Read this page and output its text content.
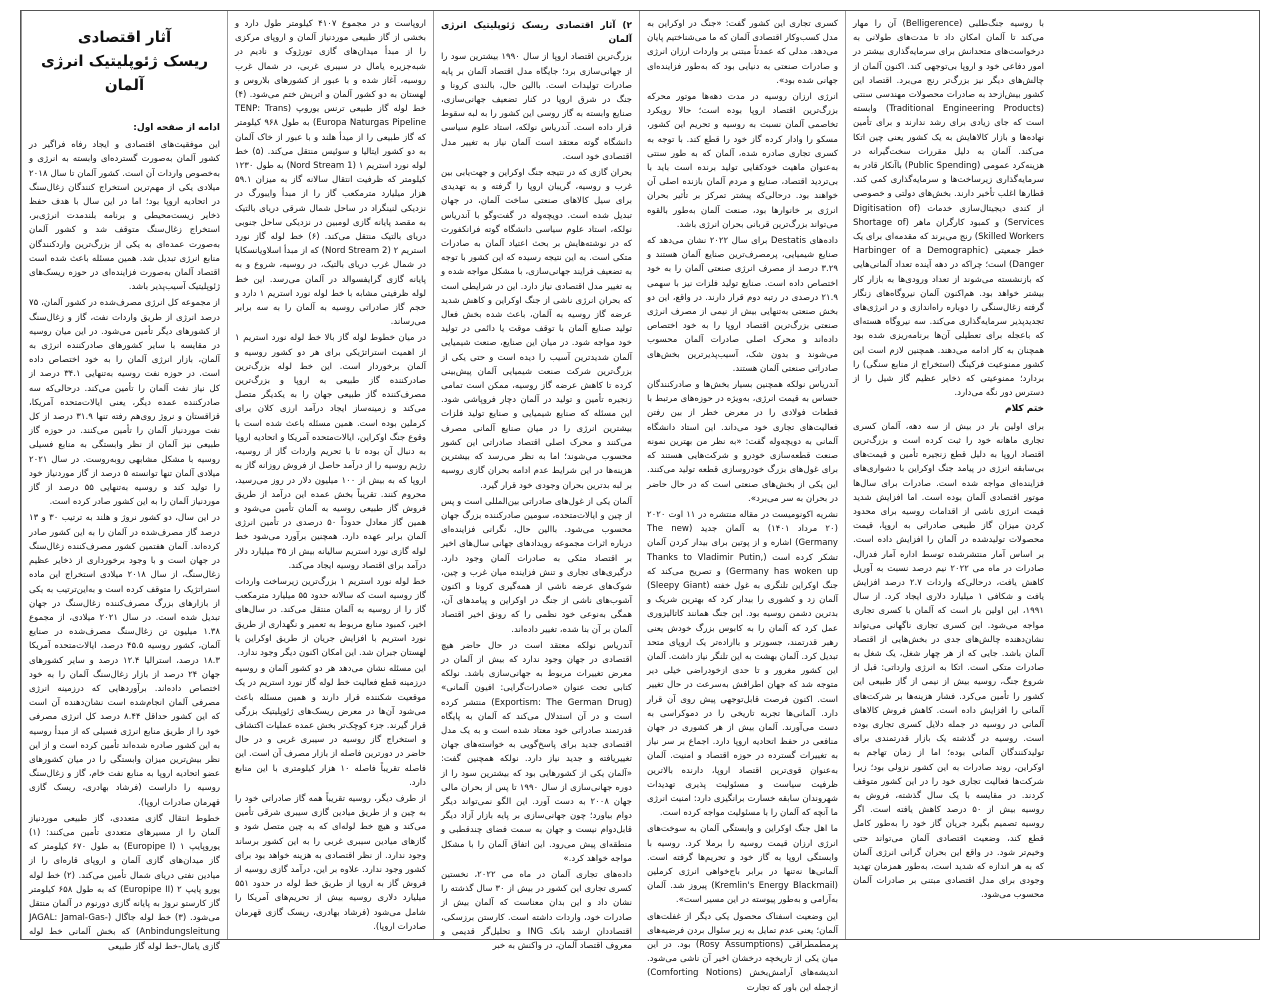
آثار اقتصادی
ریسک ژئوپلیتیک انرژی آلمان
ادامه از صفحه اول:

این موفقیت‌های اقتصادی و ایجاد رفاه فراگیر در کشور آلمان به‌صورت گسترده‌ای وابسته به انرژی و به‌خصوص واردات آن است. کشور آلمان تا سال ۲۰۱۸ میلادی یکی از مهم‌ترین استخراج کنندگان زغال‌سنگ در اتحادیه اروپا بود؛ اما در این سال با هدف حفظ ذخایر زیست‌محیطی و برنامه بلندمدت انرژی‌بر، استخراج زغال‌سنگ متوقف شد و کشور آلمان به‌صورت عمده‌ای به یکی از بزرگ‌ترین واردکنندگان منابع انرژی تبدیل شد. همین مسئله باعث شده است اقتصاد آلمان به‌صورت فزاینده‌ای در حوزه ریسک‌های ژئوپلیتیک آسیب‌پذیر باشد.

از مجموعه کل انرژی مصرف‌شده در کشور آلمان، ۷۵ درصد انرژی از طریق واردات نفت، گاز و زغال‌سنگ از کشورهای دیگر تأمین می‌شود. در این میان روسیه در مقایسه با سایر کشورهای صادرکننده انرژی به آلمان، بازار انرژی آلمان را به خود اختصاص داده است. در حوزه نفت روسیه به‌تنهایی ۳۴.۱ درصد از کل نیاز نفت آلمان را تأمین می‌کند. درحالی‌که سه صادرکننده عمده دیگر، یعنی ایالات‌متحده آمریکا، قزاقستان و نروژ روی‌هم رفته تنها ۳۱.۹ درصد از کل نفت موردنیاز آلمان را تأمین می‌کنند. در حوزه گاز طبیعی نیز آلمان از نظر وابستگی به منابع فسیلی روسیه با مشکل مشابهی روبه‌روست. در سال ۲۰۲۱ میلادی آلمان تنها توانسته ۵ درصد از گاز موردنیاز خود را تولید کند و روسیه به‌تنهایی ۵۵ درصد از گاز موردنیاز آلمان را به این کشور صادر کرده است.

در این سال، دو کشور نروژ و هلند به ترتیب ۳۰ و ۱۳ درصد گاز مصرف‌شده در آلمان را به این کشور صادر کرده‌اند. آلمان هفتمین کشور مصرف‌کننده زغال‌سنگ در جهان است و با وجود برخورداری از ذخایر عظیم زغال‌سنگ، از سال ۲۰۱۸ میلادی استخراج این ماده استراتژیک را متوقف کرده است و به‌این‌ترتیب به یکی از بازارهای بزرگ مصرف‌کننده زغال‌سنگ در جهان تبدیل شده است. در سال ۲۰۲۱ میلادی، از مجموع ۱.۳۸ میلیون تن زغال‌سنگ مصرف‌شده در صنایع آلمان، کشور روسیه ۴۵.۵ درصد، ایالات‌متحده آمریکا ۱۸.۳ درصد، استرالیا ۱۲.۴ درصد و سایر کشورهای جهان ۲۴ درصد از بازار زغال‌سنگ آلمان را به خود اختصاص داده‌اند. برآوردهایی که درزمینه انرژی مصرفی آلمان انجام‌شده است نشان‌دهنده آن است که این کشور حداقل ۸.۴۴ درصد کل انرژی مصرفی خود را از طریق منابع انرژی فسیلی که از مبدأ روسیه به این کشور صادره شده‌اند تأمین کرده است و از این نظر بیش‌ترین میزان وابستگی را در میان کشورهای عضو اتحادیه اروپا به منابع نفت خام، گاز و زغال‌سنگ روسیه را داراست (فرشاد بهادری، ریسک گازی قهرمان صادرات اروپا).

خطوط انتقال گازی متعددی، گاز طبیعی موردنیاز آلمان را از مسیرهای متعددی تأمین می‌کنند: (۱) یوروپایپ ۱ (Europipe I) به طول ۶۷۰ کیلومتر که گاز میدان‌های گازی آلمان و اروپای قاره‌ای را از میادین نفتی دریای شمال تأمین می‌کند. (۲) خط لوله یورو پایپ ۲ (Europipe II) که به طول ۶۵۸ کیلومتر گاز کارستو نروژ به پایانه گازی دورنوم در آلمان منتقل می‌شود. (۳) خط لوله جاگال (JAGAL: Jamal-Gas-Anbindungsleitung) که بخش آلمانی خط لوله گازی یامال-خط لوله گاز طبیعی

اروپاست و در مجموع ۴۱۰۷ کیلومتر طول دارد و بخشی از گاز طبیعی موردنیاز آلمان و اروپای مرکزی را از مبدأ میدان‌های گازی تورژوک و نادیم در شبه‌جزیره یامال در سیبری غربی، در شمال غرب روسیه، آغاز شده و با عبور از کشورهای بلاروس و لهستان به دو کشور آلمان و اتریش ختم می‌شود. (۴) خط لوله گاز طبیعی ترنس یوروپ (TENP: Trans Europa Naturgas Pipeline) به طول ۹۶۸ کیلومتر که گاز طبیعی را از میدأ هلند و با عبور از خاک آلمان به دو کشور ایتالیا و سوئیس منتقل می‌کند. (۵) خط لوله نورد استریم ۱ (Nord Stream 1) به طول ۱۲۳۰ کیلومتر که ظرفیت انتقال سالانه گاز به میزان ۵۹.۱ هزار میلیارد مترمکعب گاز را از مبدأ وایبورگ در نزدیکی لنینگراد در ساحل شمال شرقی دریای بالتیک به مقصد پایانه گازی لومبین در نزدیکی ساحل جنوبی دریای بالتیک منتقل می‌کند. (۶) خط لوله گاز نورد استریم ۲ (Nord Stream 2) که از مبدأ اسلاویانسکایا در شمال غرب دریای بالتیک، در روسیه، شروع و به پایانه گازی گرایفسوالد در آلمان می‌رسد. این خط لوله ظرفیتی مشابه با خط لوله نورد استریم ۱ دارد و حجم گاز صادراتی روسیه به آلمان را به سه برابر می‌رساند.

در میان خطوط لوله گاز بالا خط لوله نورد استریم ۱ از اهمیت استراتژیکی برای هر دو کشور روسیه و آلمان برخوردار است. این خط لوله بزرگ‌ترین صادرکننده گاز طبیعی به اروپا و بزرگ‌ترین مصرف‌کننده گاز طبیعی جهان را به یکدیگر متصل می‌کند و زمینه‌ساز ایجاد درآمد ارزی کلان برای کرملین بوده است. همین مسئله باعث شده است با وقوع جنگ اوکراین، ایالات‌متحده آمریکا و اتحادیه اروپا به دنبال آن بوده تا با تحریم واردات گاز از روسیه، رژیم روسیه را از درآمد حاصل از فروش روزانه گاز به اروپا که به بیش از ۱۰۰ میلیون دلار در روز می‌رسید، محروم کنند. تقریباً بخش عمده این درآمد از طریق فروش گاز طبیعی روسیه به آلمان تأمین می‌شود و همین گاز معادل حدوداً ۵۰ درصدی در تأمین انرژی آلمان برابر عهده دارد. همچنین برآورد می‌شود خط لوله گازی نورد استریم سالیانه بیش از ۳۵ میلیارد دلار درآمد برای اقتصاد روسیه ایجاد می‌کند.

خط لوله نورد استریم ۱ بزرگ‌ترین زیرساخت واردات گاز روسیه است که سالانه حدود ۵۵ میلیارد مترمکعب گاز را از روسیه به آلمان منتقل می‌کند. در سال‌های اخیر، کمبود منابع مربوط به تعمیر و نگهداری از طریق نورد استریم با افزایش جریان از طریق اوکراین یا لهستان جبران شد. این امکان اکنون دیگر وجود ندارد.

این مسئله نشان می‌دهد هر دو کشور آلمان و روسیه درزمینه قطع فعالیت خط لوله گاز نورد استریم در یک موقعیت شکننده قرار دارند و همین مسئله باعث می‌شود آن‌ها در معرض ریسک‌های ژئوپلیتیک بزرگی قرار گیرند. جزء کوچک‌تر بخش عمده عملیات اکتشاف و استخراج گاز روسیه در سیبری غربی و در حال حاضر در دورترین فاصله از بازار مصرف آن است. این فاصله تقریباً فاصله ۱۰ هزار کیلومتری با این منابع دارد.

از طرف دیگر، روسیه تقریباً همه گاز صادراتی خود را به چین و از طریق میادین گازی سیبری شرقی تأمین می‌کند و هیچ خط لوله‌ای که به چین متصل شود و گازهای میادین سیبری غربی را به این کشور برساند وجود ندارد. از نظر اقتصادی به هزینه خواهد بود برای کشور وجود ندارد. علاوه بر این، درآمد گازی روسیه از فروش گاز به اروپا از طریق خط لوله در حدود ۵۵۱ میلیارد دلاری روسیه بیش از تحریم‌های آمریکا را شامل می‌شود (فرشاد بهادری، ریسک گازی قهرمان صادرات اروپا).

۲) آثار اقتصادی ریسک ژئوپلیتیک انرژی آلمان

بزرگ‌ترین اقتصاد اروپا از سال ۱۹۹۰ بیشترین سود را از جهانی‌سازی برد؛ جایگاه مدل اقتصاد آلمان بر پایه صادرات تولیدات است. باالین حال، بالندی کرونا و جنگ در شرق اروپا در کنار تضعیف جهانی‌سازی، صنایع وابسته به گاز روسی این کشور را به لبه سقوط قرار داده است. آندریاس نولکه، استاد علوم سیاسی دانشگاه گوته معتقد است آلمان نیاز به تغییر مدل اقتصادی خود است.

بحران گازی که در نتیجه جنگ اوکراین و جهت‌یابی بین غرب و روسیه، گریبان اروپا را گرفته و به تهدیدی برای سیل کالاهای صنعتی ساخت آلمان، در جهان تبدیل شده است. دویچه‌وله در گفت‌وگو با آندریاس نولکه، استاد علوم سیاسی دانشگاه گوته فرانکفورت که در نوشته‌هایش بر بحث اعتیاد آلمان به صادرات متکی است. به این نتیجه رسیده که این کشور با توجه به تضعیف فرایند جهانی‌سازی، با مشکل مواجه شده و به تغییر مدل اقتصادی نیاز دارد. این در شرایطی است که بحران انرژی ناشی از جنگ اوکراین و کاهش شدید عرضه گاز روسیه به آلمان، باعث شده بخش فعال تولید صنایع آلمان با توقف موقت یا دائمی در تولید خود مواجه شود. در میان این صنایع، صنعت شیمیایی آلمان شدیدترین آسیب را دیده است و حتی یکی از بزرگ‌ترین شرکت صنعت شیمیایی آلمان پیش‌بینی کرده تا کاهش عرضه گاز روسیه، ممکن است تمامی زنجیره تأمین و تولید در آلمان دچار فروپاشی شود. این مسئله که صنایع شیمیایی و صنایع تولید فلزات بیشترین انرژی را در میان صنایع آلمانی مصرف می‌کنند و محرک اصلی اقتصاد صادراتی این کشور محسوب می‌شوند؛ اما به نظر می‌رسد که بیشترین هزینه‌ها در این شرایط عدم ادامه بحران گازی روسیه بر لبه بدترین بحران وجودی خود قرار گیرد.

آلمان یکی از غول‌های صادراتی بین‌المللی است و پس از چین و ایالات‌متحده، سومین صادرکننده بزرگ جهان محسوب می‌شود. باالین حال، نگرانی فزاینده‌ای درباره اثرات مجموعه رویدادهای جهانی سال‌های اخیر بر اقتصاد متکی به صادرات آلمان وجود دارد. درگیری‌های تجاری و تنش فزاینده میان غرب و چین، شوک‌های عرضه ناشی از همه‌گیری کرونا و اکنون آشوب‌های ناشی از جنگ در اوکراین و پیامدهای آن، همگی به‌نوعی خود نظمی را که رونق اخیر اقتصاد آلمان بر آن بنا شده، تغییر داده‌اند.

آندریاس نولکه معتقد است در حال حاضر هیچ اقتصادی در جهان وجود ندارد که بیش از آلمان در معرض تغییرات مربوط به جهانی‌سازی باشد. نولکه کتابی تحت عنوان «صادرات‌گرایی: افیون آلمانی» (Exportism: The German Drug) منتشر کرده است و در آن استدلال می‌کند که آلمان به پایگاه قدرتمند صادراتی خود معتاد شده است و به یک مدل اقتصادی جدید برای پاسخ‌گویی به خواسته‌های جهان تغییریافته و جدید نیاز دارد. نولکه همچنین گفت: «آلمان یکی از کشورهایی بود که بیشترین سود را از دوره جهانی‌سازی از سال ۱۹۹۰ تا پس از بحران مالی جهان ۲۰۰۸ به دست آورد. این الگو نمی‌تواند دیگر دوام بیاورد؛ چون جهانی‌سازی بر پایه بازار آزاد دیگر قابل‌دوام نیست و جهان به سمت فضای چندقطبی و منطقه‌ای پیش می‌رود. این اتفاق آلمان را با مشکل مواجه خواهد کرد.»

داده‌های تجاری آلمان در ماه می ۲۰۲۲، نخستین کسری تجاری این کشور در بیش از ۳۰ سال گذشته را نشان داد و این بدان معناست که آلمان بیش از صادرات خود، واردات داشته است. کارستن برزسکی، اقتصاددان ارشد بانک ING و تحلیل‌گر قدیمی و معروف اقتصاد آلمان، در واکنش به خبر

کسری تجاری این کشور گفت: «جنگ در اوکراین به مدل کسب‌وکار اقتصادی آلمان که ما می‌شناختیم پایان می‌دهد. مدلی که عمدتاً مبتنی بر واردات ارزان انرژی و صادرات صنعتی به دنیایی بود که به‌طور فزاینده‌ای جهانی شده بود».

انرژی ارزان روسیه در مدت دهه‌ها موتور محرکه بزرگ‌ترین اقتصاد اروپا بوده است؛ حالا رویکرد تخاصمی آلمان نسبت به روسیه و تحریم این کشور، مسکو را وادار کرده گاز خود را قطع کند. با توجه به کسری تجاری صادره شده، آلمان که به طور سنتی به‌عنوان ماهیت خودکفایی تولید برنده است باید با بی‌تردید اقتصاد، صنایع و مردم آلمان بازنده اصلی آن خواهند بود. درحالی‌که پیشتر تمرکز بر تأثیر بحران انرژی بر خانوارها بود، صنعت آلمان به‌طور بالقوه می‌تواند بزرگ‌ترین قربانی بحران انرژی باشد.

داده‌های Destatis برای سال ۲۰۲۲ نشان می‌دهد که صنایع شیمیایی، پرمصرف‌ترین صنایع آلمان هستند و ۳.۲۹ درصد از مصرف انرژی صنعتی آلمان را به خود اختصاص داده است. صنایع تولید فلزات نیز با سهمی ۲۱.۹ درصدی در رتبه دوم قرار دارند. در واقع، این دو بخش صنعتی به‌تنهایی بیش از نیمی از مصرف انرژی صنعتی بزرگ‌ترین اقتصاد اروپا را به خود اختصاص داده‌اند و محرک اصلی صادرات آلمان محسوب می‌شوند و بدون شک، آسیب‌پذیرترین بخش‌های صادراتی صنعتی آلمان هستند.

آندریاس نولکه همچنین بسیار بخش‌ها و صادرکنندگان حساس به قیمت انرژی، به‌ویژه در حوزه‌های مرتبط با قطعات فولادی را در معرض خطر از بین رفتن فعالیت‌های تجاری خود می‌داند. این استاد دانشگاه آلمانی به دویچه‌وله گفت: «به نظر من بهترین نمونه صنعت قطعه‌سازی خودرو و شرکت‌هایی هستند که برای غول‌های بزرگ خودروسازی قطعه تولید می‌کنند. این یکی از بخش‌های صنعتی است که در حال حاضر در بحران به سر می‌برد».

نشریه اکونومیست در مقاله منتشره در ۱۱ اوت ۲۰۲۰ (۲۰ مرداد ۱۴۰۱) به آلمان جدید (The new Germany) اشاره و از پوتین برای بیدار کردن آلمان تشکر کرده است (Thanks to Vladimir Putin, Germany has woken up) و تصریح می‌کند که جنگ اوکراین تلنگری به غول خفته (Sleepy Giant) آلمان زد و کشوری را بیدار کرد که بهترین شریک و بدترین دشمن روسیه بود. این جنگ همانند کاتالیزوری عمل کرد که آلمان را به کابوس بزرگ خودش یعنی رهبر قدرتمند، جسورتر و بااراده‌تر یک اروپای متحد تبدیل کرد. آلمان بهشت به این تلنگر نیاز داشت. آلمان این کشور مغرور و تا حدی ازخودراضی خیلی دیر متوجه شد که جهان اطرافش به‌سرعت در حال تغییر است. اکنون فرصت قابل‌توجهی پیش روی آن قرار دارد. آلمانی‌ها تجربه تاریخی را در دموکراسی به دست می‌آورند. آلمان بیش از هر کشوری در جهان منافعی در حفظ اتحادیه اروپا دارد. اجماع بر سر نیاز به تغییرات گسترده در حوزه اقتصاد و امنیت. آلمان به‌عنوان قوی‌ترین اقتصاد اروپا، دارنده بالاترین ظرفیت سیاست و مسئولیت پذیری تهدیدات شهروندان سابقه خسارت برانگیزی دارد: امنیت انرژی ما آنچه که آلمان را با مسئولیت مواجه کرده است.

ما اهل جنگ اوکراین و وابستگی آلمان به سوخت‌های انرژی ارزان قیمت روسیه را برملا کرد. روسیه با وابستگی اروپا به گاز خود و تحریم‌ها گرفته است. آلمانی‌ها نه‌تنها در برابر باج‌خواهی انرژی کرملین (Kremlin's Energy Blackmail) پیروز شد. آلمان به‌آرامی و به‌طور پیوسته در این مسیر است».

این وضعیت اسفناک محصول یکی دیگر از غفلت‌های آلمان؛ یعنی عدم تمایل به زیر سئوال بردن فرضیه‌های پرمطمطراقی (Rosy Assumptions) بود. در این میان یکی از تاریخچه درخشان اخیر آن ناشی می‌شود. اندیشه‌های آرامش‌بخش (Comforting Notions) ازجمله این باور که تجارت

با روسیه جنگ‌طلبی (Belligerence) آن را مهار می‌کند تا آلمان امکان داد تا مدت‌های طولانی به درخواست‌های متحدانش برای سرمایه‌گذاری بیشتر در امور دفاعی خود و اروپا بی‌توجهی کند. اکنون آلمان از چالش‌های دیگر نیز بزرگ‌تر رنج می‌برد. اقتصاد این کشور بیش‌ازحد به صادرات محصولات مهندسی سنتی (Traditional Engineering Products) وابسته است که جای زیادی برای رشد ندارند و برای تأمین نهاده‌ها و بازار کالاهایش به یک کشور یعنی چین اتکا می‌کند. آلمان به دلیل مقررات سخت‌گیرانه در هزینه‌کرد عمومی (Public Spending) باآنکار قادر به سرمایه‌گذاری زیرساخت‌ها و سرمایه‌گذاری کمی کند. قطارها اغلب تأخیر دارند. بخش‌های دولتی و خصوصی از کندی دیجیتال‌سازی خدمات (Digitisation of Services) و کمبود کارگران ماهر (Shortage of Skilled Workers) رنج می‌برند که مقدمه‌ای برای یک خطر جمعیتی (Harbinger of a Demographic Danger) است؛ چراکه در دهه آینده تعداد آلمانی‌هایی که بازنشسته می‌شوند از تعداد ورودی‌ها به بازار کار بیشتر خواهد بود. هم‌اکنون آلمان نیروگاه‌های زنگار گرفته زغال‌سنگی را دوباره راه‌اندازی و در انرژی‌های تجدیدپذیر سرمایه‌گذاری می‌کند. سه نیروگاه هسته‌ای که باعجله برای تعطیلی آن‌ها برنامه‌ریزی شده بود همچنان به کار ادامه می‌دهند. همچنین لازم است این کشور ممنوعیت فرکینگ (استخراج از منابع سنگی) را بردارد؛ ممنوعیتی که ذخایر عظیم گاز شیل را از دسترس دور نگه می‌دارد.

ختم کلام

برای اولین بار در بیش از سه دهه، آلمان کسری تجاری ماهانه خود را ثبت کرده است و بزرگ‌ترین اقتصاد اروپا به دلیل قطع زنجیره تأمین و قیمت‌های بی‌سابقه انرژی در پیامد جنگ اوکراین با دشواری‌های فزاینده‌ای مواجه شده است. صادرات برای سال‌ها موتور اقتصادی آلمان بوده است. اما افزایش شدید قیمت انرژی ناشی از اقدامات روسیه برای محدود کردن میزان گاز طبیعی صادراتی به اروپا، قیمت محصولات تولیدشده در آلمان را افزایش داده است. بر اساس آمار منتشرشده توسط اداره آمار فدرال، صادرات در ماه می ۲۰۲۲ نیم درصد نسبت به آوریل کاهش یافت، درحالی‌که واردات ۲.۷ درصد افزایش یافت و شکافی ۱ میلیارد دلاری ایجاد کرد. از سال ۱۹۹۱، این اولین بار است که آلمان با کسری تجاری مواجه می‌شود. این کسری تجاری ناگهانی می‌تواند نشان‌دهنده چالش‌های جدی در بخش‌هایی از اقتصاد آلمان باشد. جایی که از هر چهار شغل، یک شغل به صادرات متکی است. اتکا به انرژی وارداتی: قبل از شروع جنگ، روسیه بیش از نیمی از گاز طبیعی این کشور را تأمین می‌کرد. فشار هزینه‌ها بر شرکت‌های آلمانی را افزایش داده است. کاهش فروش کالاهای آلمانی در روسیه در جمله دلایل کسری تجاری بوده است. روسیه در گذشته یک بازار قدرتمندی برای تولیدکنندگان آلمانی بوده؛ اما از زمان تهاجم به اوکراین، روند صادرات به این کشور نزولی بود؛ زیرا شرکت‌ها فعالیت تجاری خود را در این کشور متوقف کردند. در مقایسه با یک سال گذشته، فروش به روسیه بیش از ۵۰ درصد کاهش یافته است. اگر روسیه تصمیم بگیرد جریان گاز خود را به‌طور کامل قطع کند، وضعیت اقتصادی آلمان می‌تواند حتی وخیم‌تر شود. در واقع این بحران گرانی انرژی آلمان که به هر اندازه که شدید است، به‌طور همزمان تهدید وجودی برای مدل اقتصادی مبتنی بر صادرات آلمان محسوب می‌شود.
